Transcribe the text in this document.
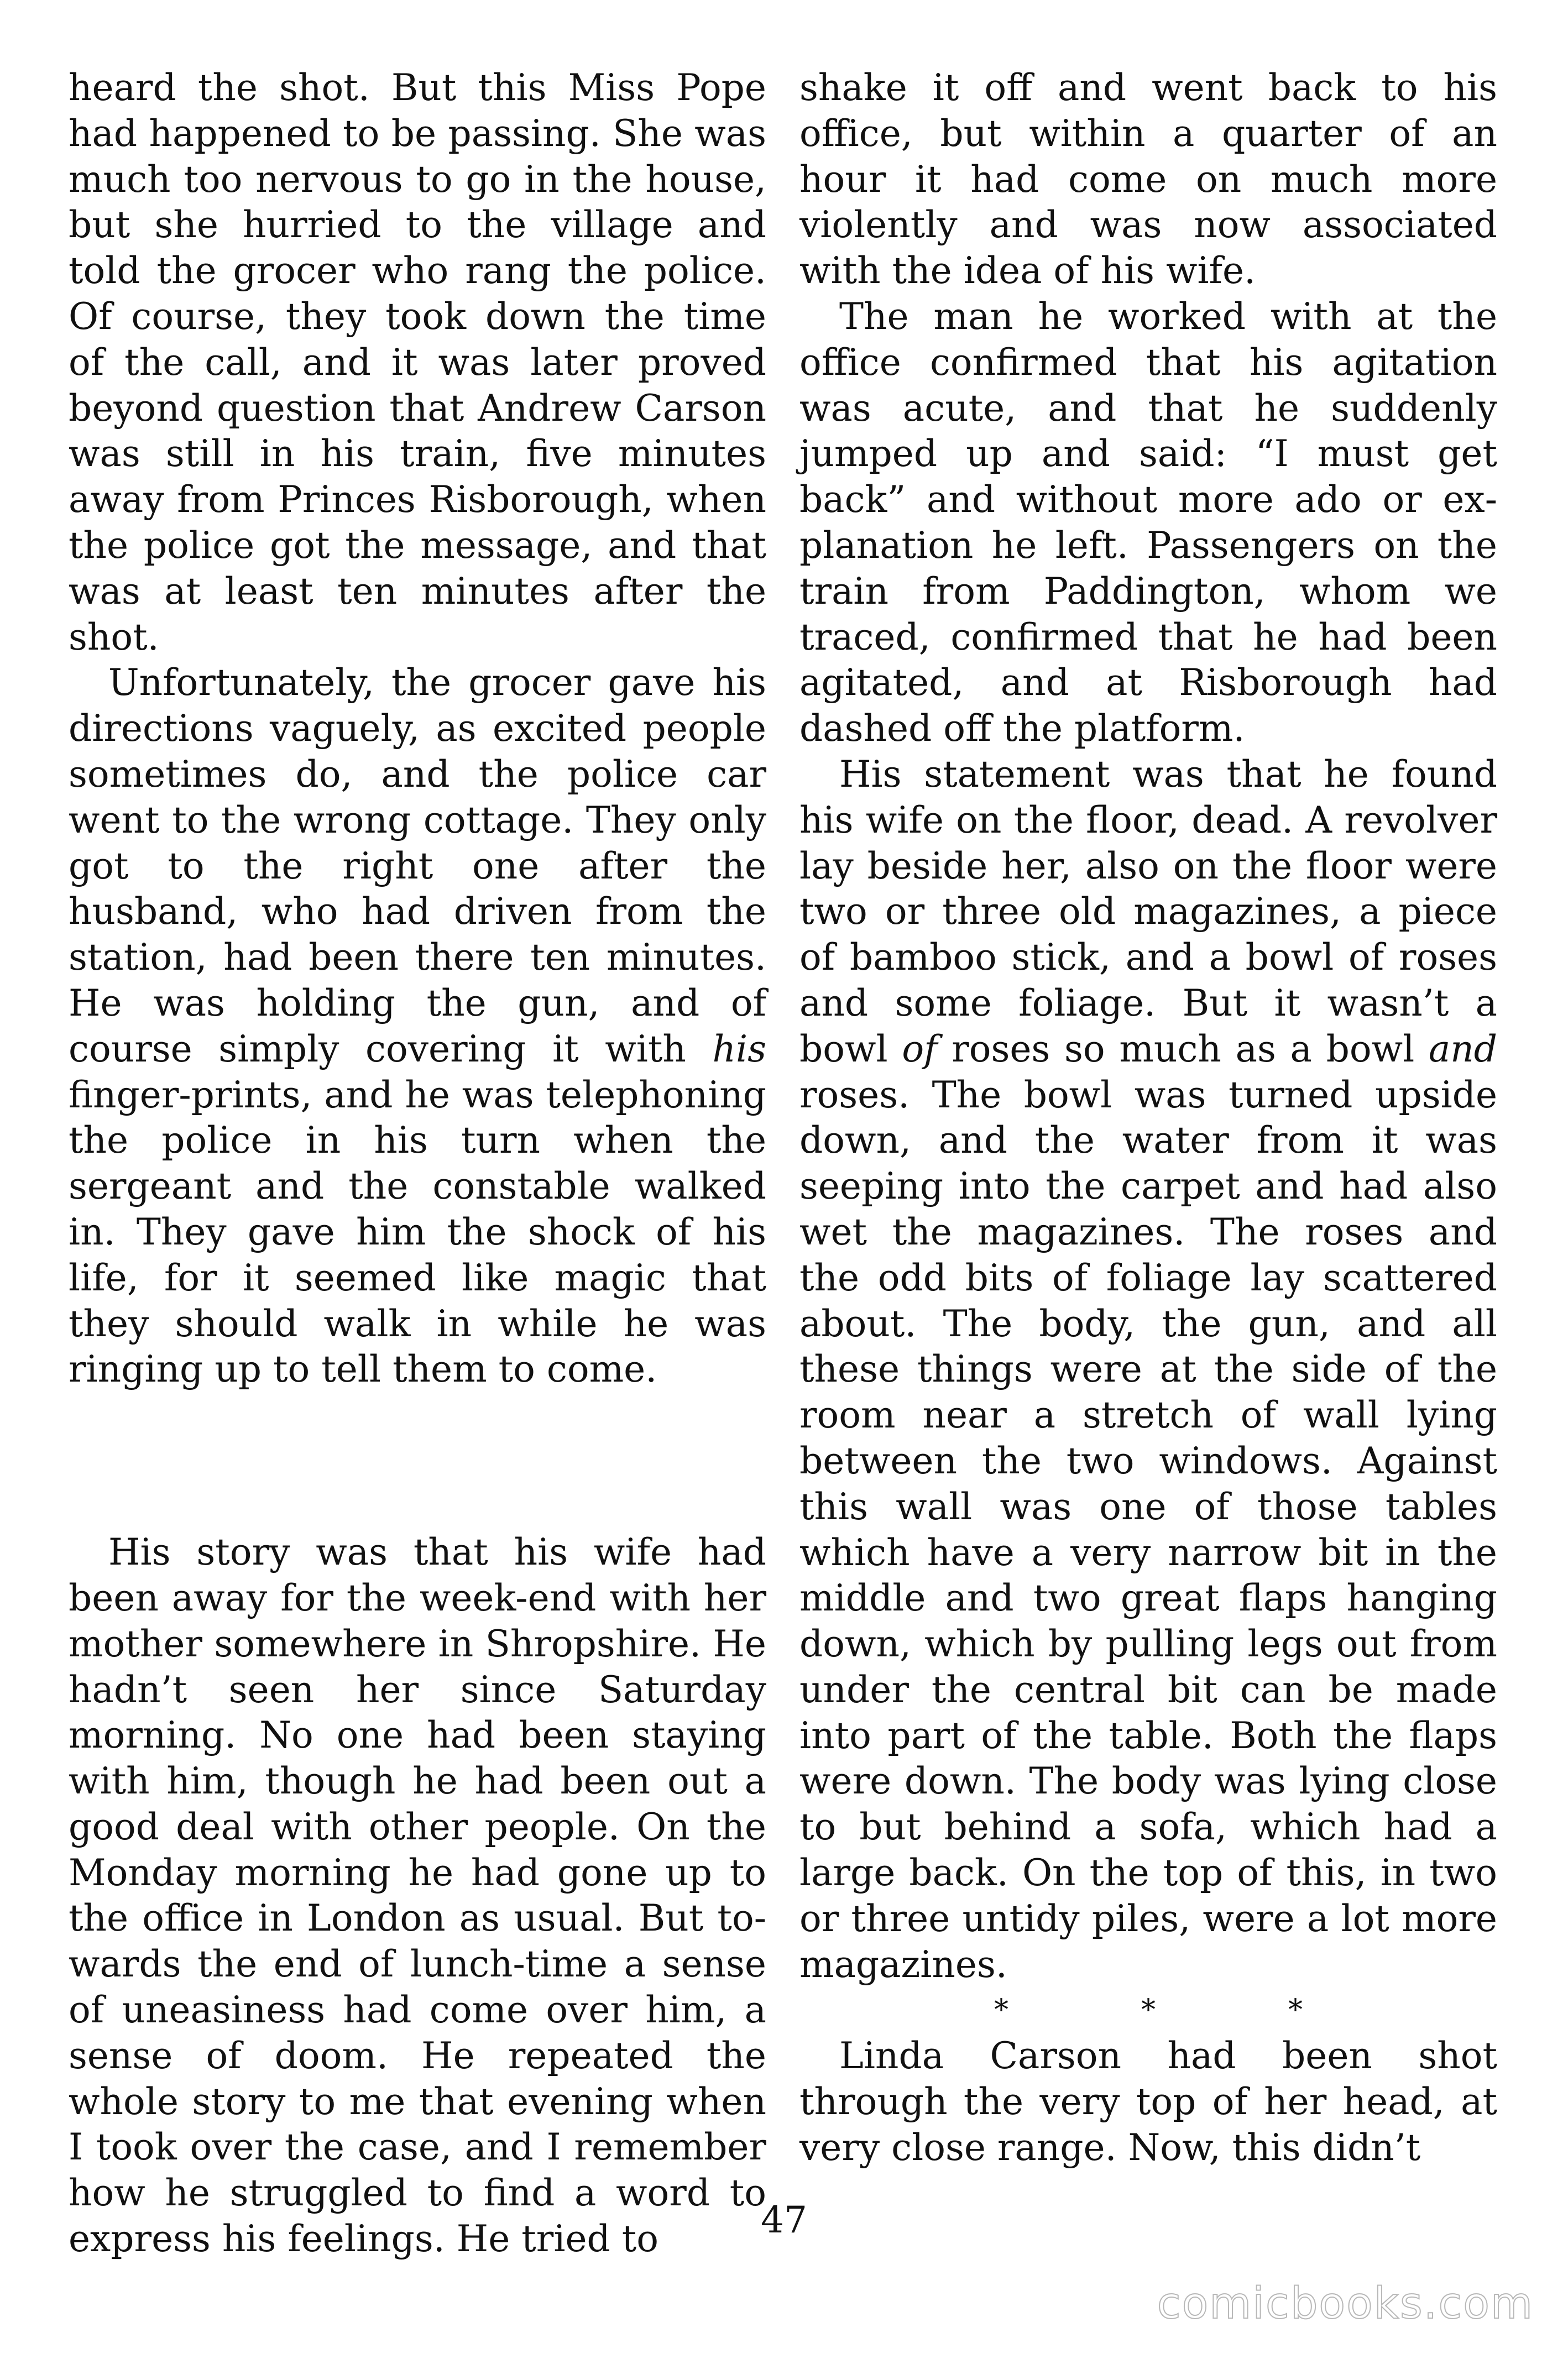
heard the shot. But this Miss Pope had happened to be passing. She was much too nervous to go in the house, but she hurried to the village and told the grocer who rang the police. Of course, they took down the time of the call, and it was later proved beyond question that Andrew Carson was still in his train, five minutes away from Princes Risborough, when the police got the message, and that was at least ten minutes after the shot.

Unfortunately, the grocer gave his directions vaguely, as excited people sometimes do, and the police car went to the wrong cottage. They only got to the right one after the husband, who had driven from the station, had been there ten minutes. He was holding the gun, and of course simply covering it with his finger-prints, and he was telephoning the police in his turn when the sergeant and the constable walked in. They gave him the shock of his life, for it seemed like magic that they should walk in while he was ringing up to tell them to come.

His story was that his wife had been away for the week-end with her mother somewhere in Shropshire. He hadn’t seen her since Saturday morning. No one had been staying with him, though he had been out a good deal with other people. On the Monday morning he had gone up to the office in London as usual. But towards the end of lunch-time a sense of uneasiness had come over him, a sense of doom. He repeated the whole story to me that evening when I took over the case, and I remember how he struggled to find a word to express his feelings. He tried to

shake it off and went back to his office, but within a quarter of an hour it had come on much more violently and was now associated with the idea of his wife.

The man he worked with at the office confirmed that his agitation was acute, and that he suddenly jumped up and said: “I must get back” and without more ado or explanation he left. Passengers on the train from Paddington, whom we traced, confirmed that he had been agitated, and at Risborough had dashed off the platform.

His statement was that he found his wife on the floor, dead. A revolver lay beside her, also on the floor were two or three old magazines, a piece of bamboo stick, and a bowl of roses and some foliage. But it wasn’t a bowl of roses so much as a bowl and roses. The bowl was turned upside down, and the water from it was seeping into the carpet and had also wet the magazines. The roses and the odd bits of foliage lay scattered about. The body, the gun, and all these things were at the side of the room near a stretch of wall lying between the two windows. Against this wall was one of those tables which have a very narrow bit in the middle and two great flaps hanging down, which by pulling legs out from under the central bit can be made into part of the table. Both the flaps were down. The body was lying close to but behind a sofa, which had a large back. On the top of this, in two or three untidy piles, were a lot more magazines.

*	*	*

Linda Carson had been shot through the very top of her head, at very close range. Now, this didn’t

47
comicbooks.com
